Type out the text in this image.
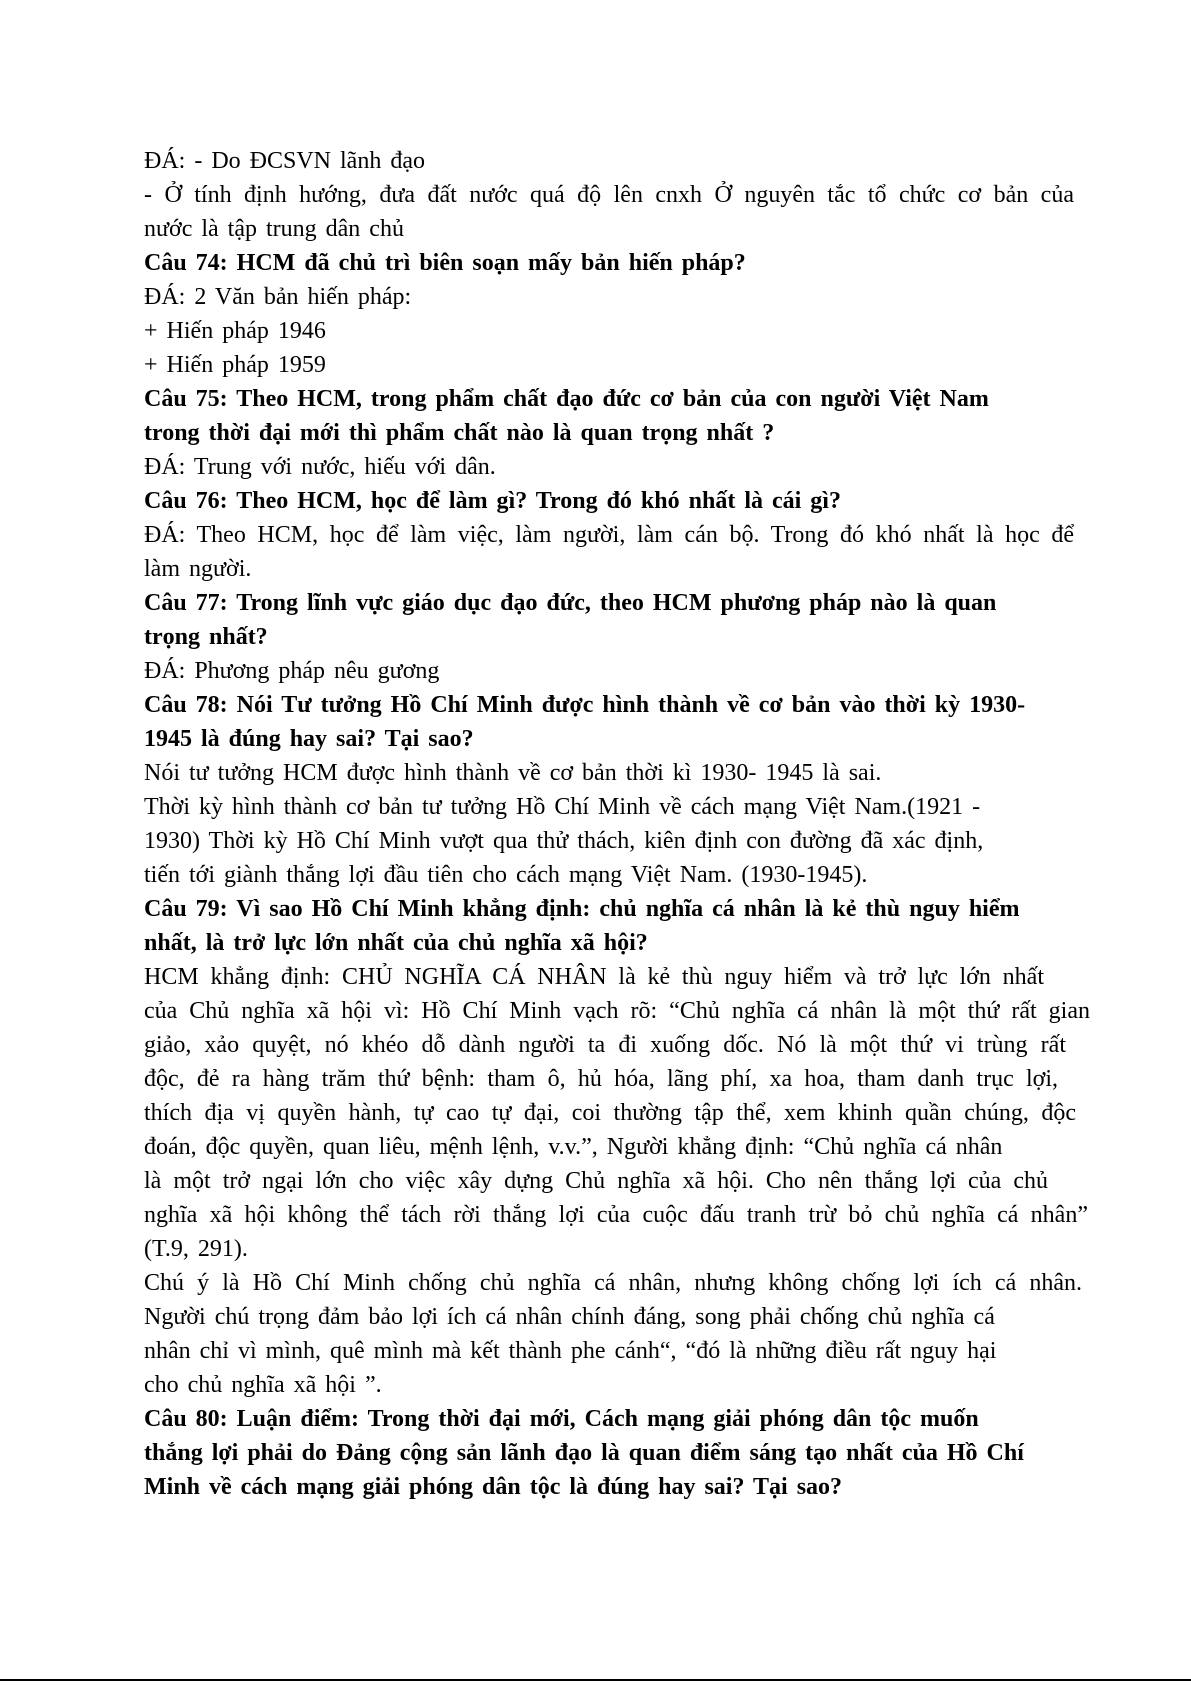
ĐÁ: - Do ĐCSVN lãnh đạo
- Ở tính định hướng, đưa đất nước quá độ lên cnxh Ở nguyên tắc tổ chức cơ bản của
nước là tập trung dân chủ
Câu 74: HCM đã chủ trì biên soạn mấy bản hiến pháp?
ĐÁ: 2 Văn bản hiến pháp:
+ Hiến pháp 1946
+ Hiến pháp 1959
Câu 75: Theo HCM, trong phẩm chất đạo đức cơ bản của con người Việt Nam
trong thời đại mới thì phẩm chất nào là quan trọng nhất ?
ĐÁ: Trung với nước, hiếu với dân.
Câu 76: Theo HCM, học để làm gì? Trong đó khó nhất là cái gì?
ĐÁ: Theo HCM, học để làm việc, làm người, làm cán bộ. Trong đó khó nhất là học để
làm người.
Câu 77: Trong lĩnh vực giáo dục đạo đức, theo HCM phương pháp nào là quan
trọng nhất?
ĐÁ: Phương pháp nêu gương
Câu 78: Nói Tư tưởng Hồ Chí Minh được hình thành về cơ bản vào thời kỳ 1930-
1945 là đúng hay sai? Tại sao?
Nói tư tưởng HCM được hình thành về cơ bản thời kì 1930- 1945 là sai.
Thời kỳ hình thành cơ bản tư tưởng Hồ Chí Minh về cách mạng Việt Nam.(1921 -
1930) Thời kỳ Hồ Chí Minh vượt qua thử thách, kiên định con đường đã xác định,
tiến tới giành thắng lợi đầu tiên cho cách mạng Việt Nam. (1930-1945).
Câu 79: Vì sao Hồ Chí Minh khẳng định: chủ nghĩa cá nhân là kẻ thù nguy hiểm
nhất, là trở lực lớn nhất của chủ nghĩa xã hội?
HCM khẳng định: CHỦ NGHĨA CÁ NHÂN là kẻ thù nguy hiểm và trở lực lớn nhất
của Chủ nghĩa xã hội vì: Hồ Chí Minh vạch rõ: “Chủ nghĩa cá nhân là một thứ rất gian
giảo, xảo quyệt, nó khéo dỗ dành người ta đi xuống dốc. Nó là một thứ vi trùng rất
độc, đẻ ra hàng trăm thứ bệnh: tham ô, hủ hóa, lãng phí, xa hoa, tham danh trục lợi,
thích địa vị quyền hành, tự cao tự đại, coi thường tập thể, xem khinh quần chúng, độc
đoán, độc quyền, quan liêu, mệnh lệnh, v.v.”, Người khẳng định: “Chủ nghĩa cá nhân
là một trở ngại lớn cho việc xây dựng Chủ nghĩa xã hội. Cho nên thắng lợi của chủ
nghĩa xã hội không thể tách rời thắng lợi của cuộc đấu tranh trừ bỏ chủ nghĩa cá nhân”
(T.9, 291).
Chú ý là Hồ Chí Minh chống chủ nghĩa cá nhân, nhưng không chống lợi ích cá nhân.
Người chú trọng đảm bảo lợi ích cá nhân chính đáng, song phải chống chủ nghĩa cá
nhân chỉ vì mình, quê mình mà kết thành phe cánh“, “đó là những điều rất nguy hại
cho chủ nghĩa xã hội ”.
Câu 80: Luận điểm: Trong thời đại mới, Cách mạng giải phóng dân tộc muốn
thắng lợi phải do Đảng cộng sản lãnh đạo là quan điểm sáng tạo nhất của Hồ Chí
Minh về cách mạng giải phóng dân tộc là đúng hay sai? Tại sao?
